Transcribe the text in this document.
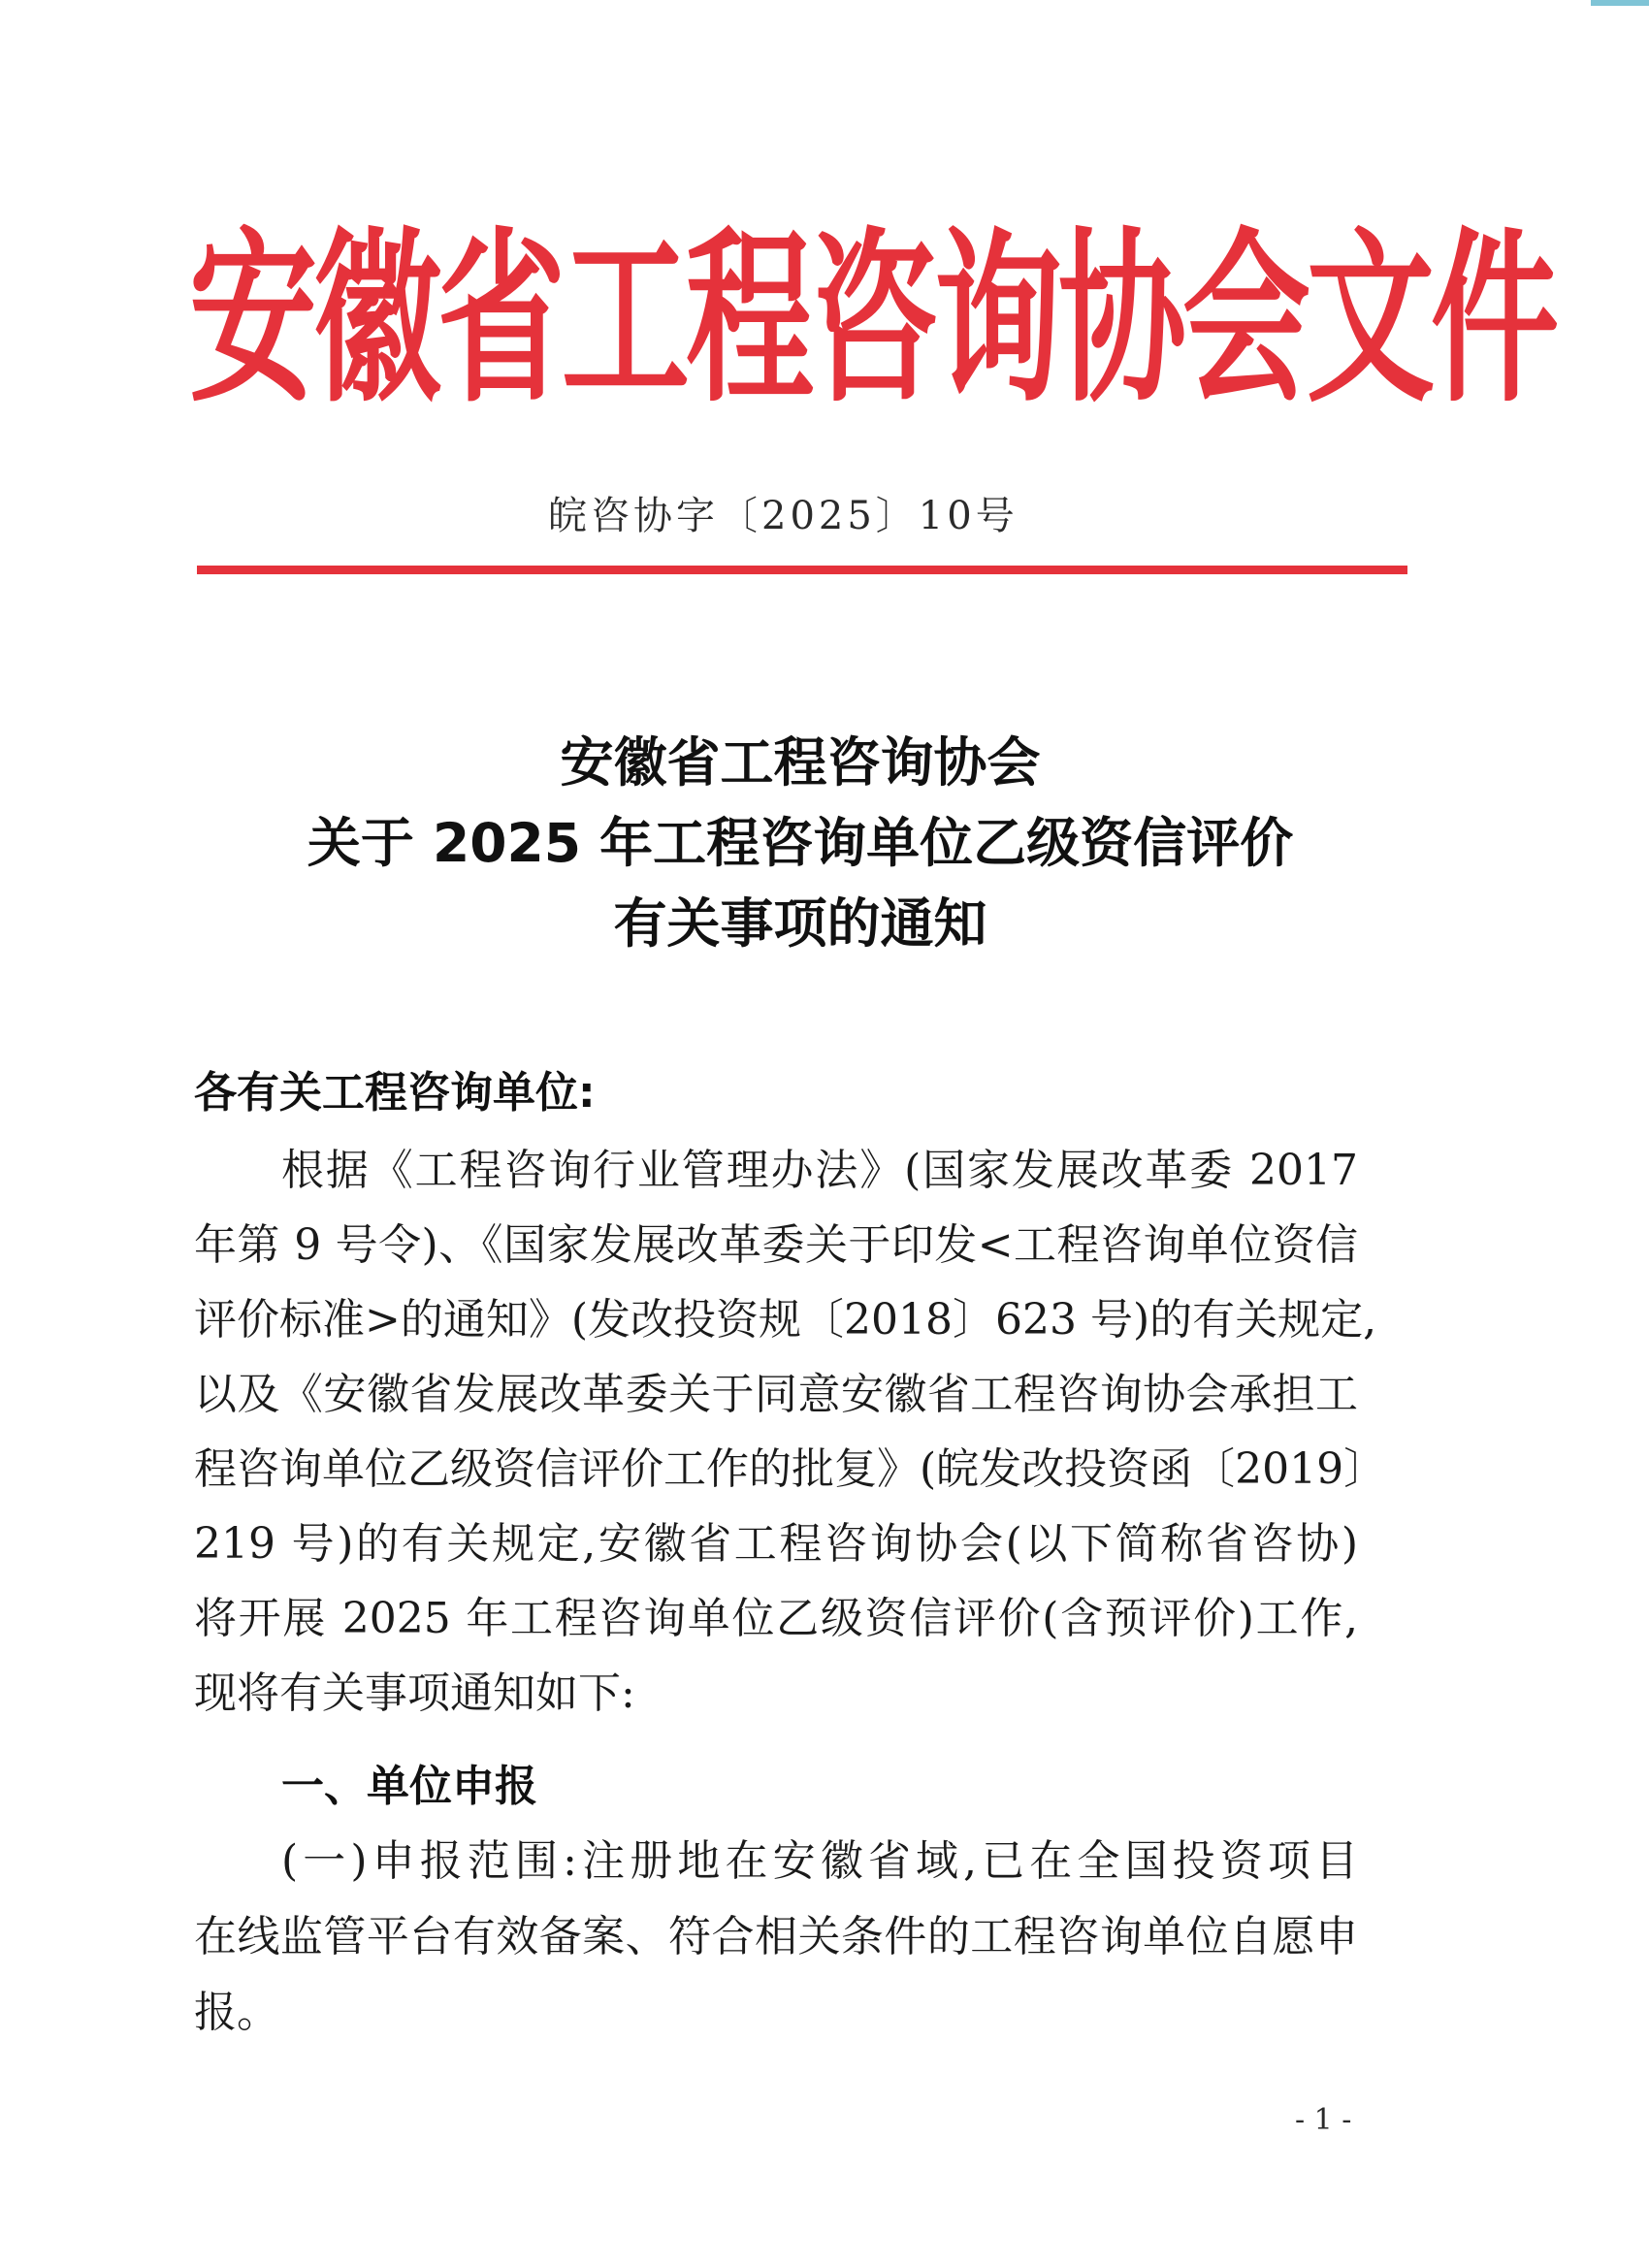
安徽省工程咨询协会文件
皖咨协字〔2025〕10号
安徽省工程咨询协会
关于 2025 年工程咨询单位乙级资信评价
有关事项的通知
各有关工程咨询单位:
根据《工程咨询行业管理办法》(国家发展改革委 2017
年第 9 号令)、《国家发展改革委关于印发<工程咨询单位资信
评价标准>的通知》(发改投资规〔2018〕623 号)的有关规定,
以及《安徽省发展改革委关于同意安徽省工程咨询协会承担工
程咨询单位乙级资信评价工作的批复》(皖发改投资函〔2019〕
219 号)的有关规定,安徽省工程咨询协会(以下简称省咨协)
将开展 2025 年工程咨询单位乙级资信评价(含预评价)工作,
现将有关事项通知如下:
一、单位申报
(一)申报范围:注册地在安徽省域,已在全国投资项目
在线监管平台有效备案、符合相关条件的工程咨询单位自愿申
报。
- 1 -
